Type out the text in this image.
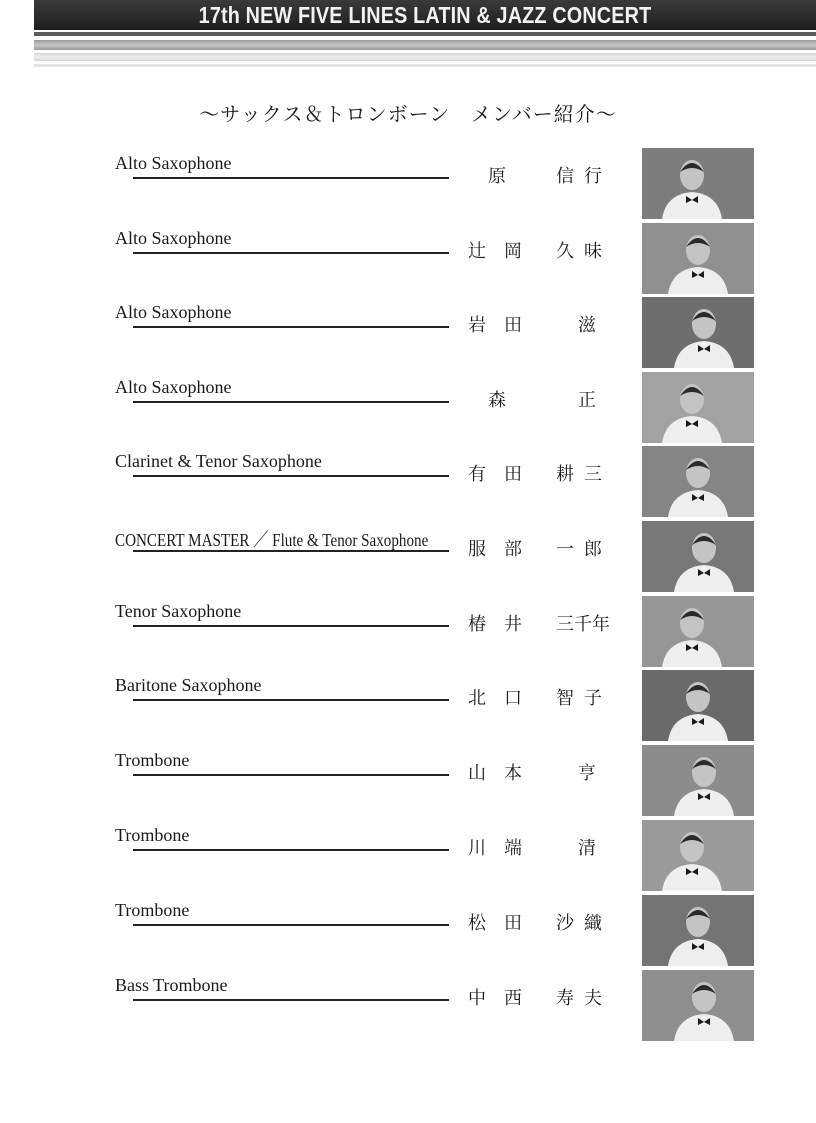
17th NEW FIVE LINES LATIN & JAZZ CONCERT
〜サックス＆トロンボーン　メンバー紹介〜
Alto Saxophone
原	信行
Alto Saxophone
辻岡 久味
Alto Saxophone
岩田 滋
Alto Saxophone
森	正
Clarinet & Tenor Saxophone
有田 耕三
CONCERT MASTER ／ Flute & Tenor Saxophone 服部 一郎
Tenor Saxophone
椿井 三千年
Baritone Saxophone
北口 智子
Trombone
山本 亨
Trombone
川端 清
Trombone
松田 沙織
Bass Trombone
中西 寿夫
